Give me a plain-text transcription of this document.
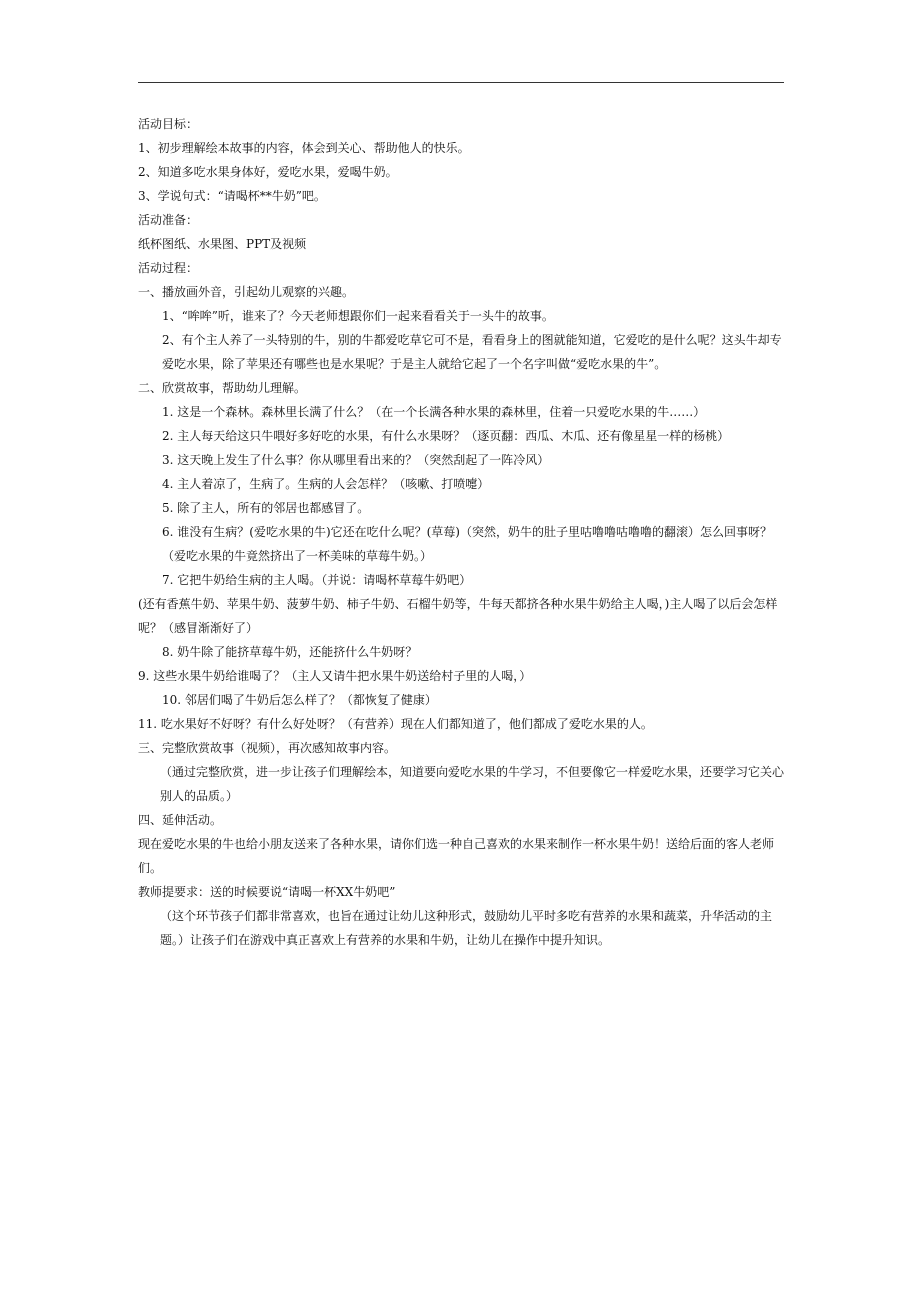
活动目标：

1、初步理解绘本故事的内容，体会到关心、帮助他人的快乐。

2、知道多吃水果身体好，爱吃水果，爱喝牛奶。

3、学说句式：“请喝杯**牛奶”吧。

活动准备：

纸杯图纸、水果图、PPT及视频

活动过程：

一、播放画外音，引起幼儿观察的兴趣。

1、“哞哞”听，谁来了？今天老师想跟你们一起来看看关于一头牛的故事。

2、有个主人养了一头特别的牛，别的牛都爱吃草它可不是，看看身上的图就能知道，它爱吃的是什么呢？这头牛却专爱吃水果，除了苹果还有哪些也是水果呢？于是主人就给它起了一个名字叫做“爱吃水果的牛”。

二、欣赏故事，帮助幼儿理解。

1. 这是一个森林。森林里长满了什么？（在一个长满各种水果的森林里，住着一只爱吃水果的牛……）

2. 主人每天给这只牛喂好多好吃的水果，有什么水果呀？（逐页翻：西瓜、木瓜、还有像星星一样的杨桃）

3. 这天晚上发生了什么事？你从哪里看出来的？（突然刮起了一阵冷风）

4. 主人着凉了，生病了。生病的人会怎样？（咳嗽、打喷嚏）

5. 除了主人，所有的邻居也都感冒了。

6. 谁没有生病？(爱吃水果的牛)它还在吃什么呢？(草莓)（突然，奶牛的肚子里咕噜噜咕噜噜的翻滚）怎么回事呀？（爱吃水果的牛竟然挤出了一杯美味的草莓牛奶。）

7. 它把牛奶给生病的主人喝。（并说：请喝杯草莓牛奶吧）

(还有香蕉牛奶、苹果牛奶、菠萝牛奶、柿子牛奶、石榴牛奶等，牛每天都挤各种水果牛奶给主人喝，)主人喝了以后会怎样呢？（感冒渐渐好了）

8. 奶牛除了能挤草莓牛奶，还能挤什么牛奶呀？

9. 这些水果牛奶给谁喝了？（主人又请牛把水果牛奶送给村子里的人喝，）

10. 邻居们喝了牛奶后怎么样了？（都恢复了健康）

11. 吃水果好不好呀？有什么好处呀？（有营养）现在人们都知道了，他们都成了爱吃水果的人。

三、完整欣赏故事（视频），再次感知故事内容。

（通过完整欣赏，进一步让孩子们理解绘本，知道要向爱吃水果的牛学习，不但要像它一样爱吃水果，还要学习它关心别人的品质。）

四、延伸活动。

现在爱吃水果的牛也给小朋友送来了各种水果，请你们选一种自己喜欢的水果来制作一杯水果牛奶！送给后面的客人老师们。

教师提要求：送的时候要说“请喝一杯XX牛奶吧”

（这个环节孩子们都非常喜欢，也旨在通过让幼儿这种形式，鼓励幼儿平时多吃有营养的水果和蔬菜，升华活动的主题。）让孩子们在游戏中真正喜欢上有营养的水果和牛奶，让幼儿在操作中提升知识。
